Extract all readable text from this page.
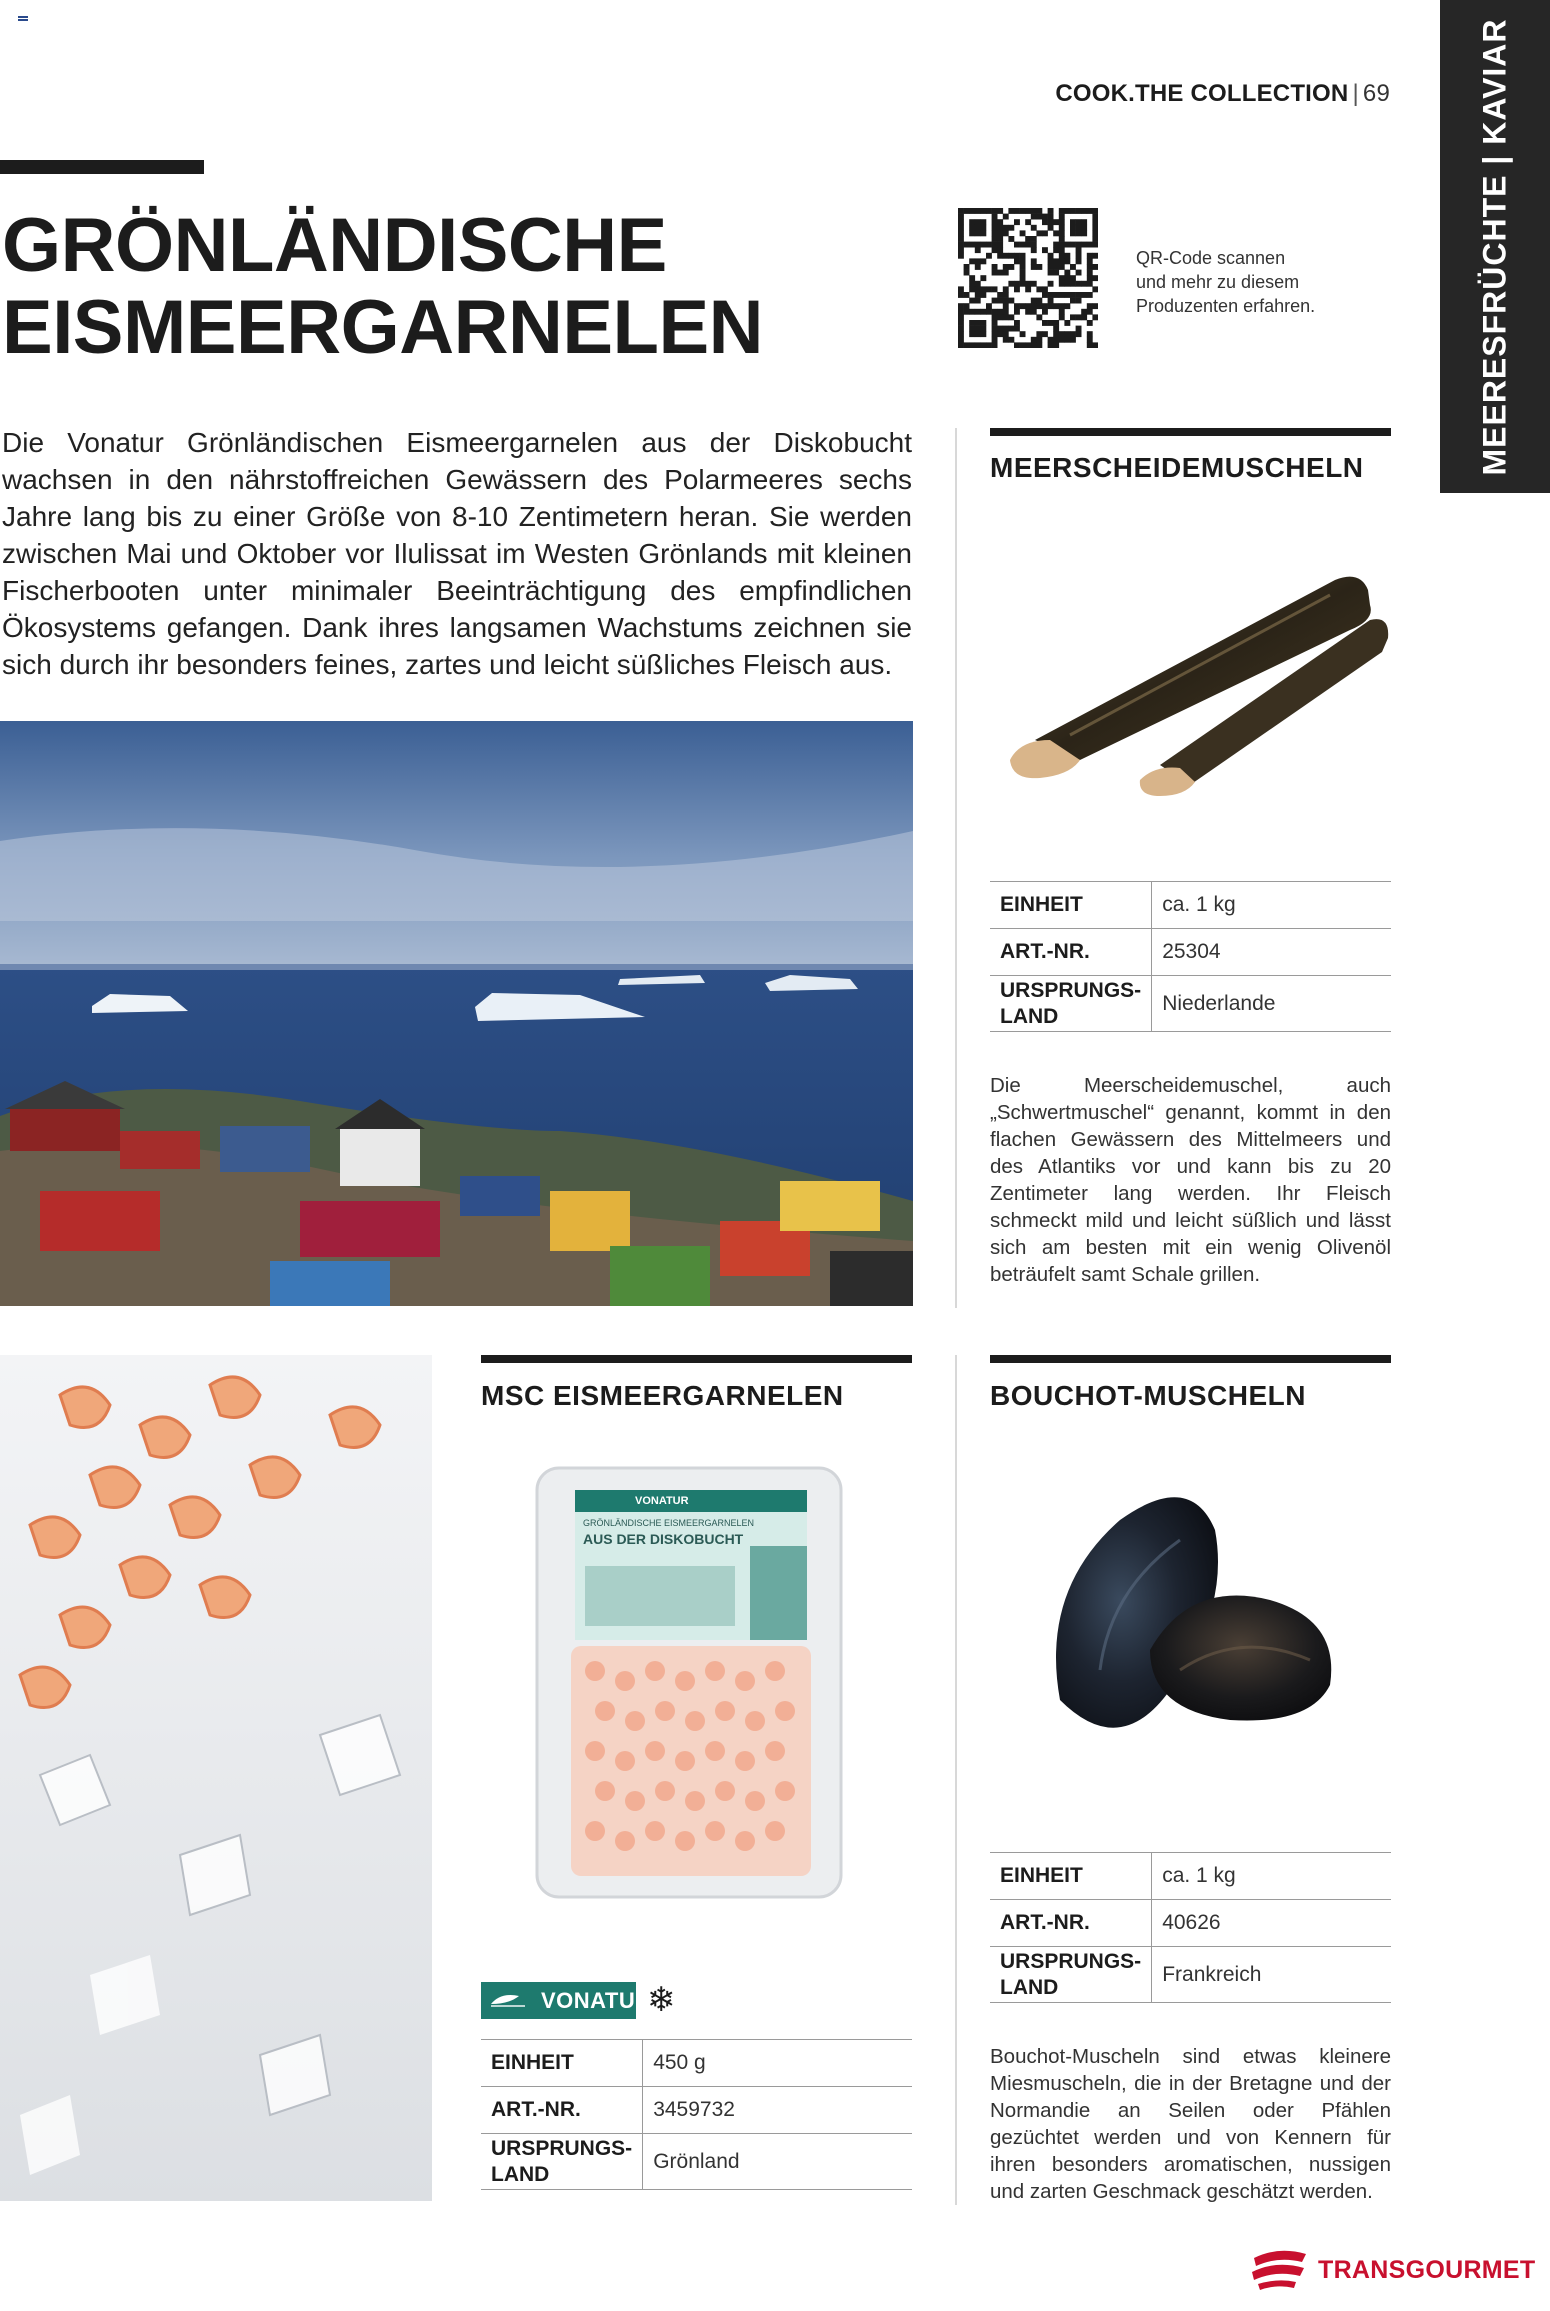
COOK.THE COLLECTION | 69	MEERESFRÜCHTE | KAVIAR
GRÖNLÄNDISCHE
EISMEERGARNELEN
QR-Code scannen
und mehr zu diesem
Produzenten erfahren.
Die Vonatur Grönländischen Eismeergarnelen aus der Diskobucht wachsen in den nährstoffreichen Gewässern des Polarmeeres sechs Jahre lang bis zu einer Größe von 8-10 Zentimetern heran. Sie werden zwischen Mai und Oktober vor Ilulissat im Westen Grönlands mit kleinen Fischerbooten unter minimaler Beeinträchtigung des empfindlichen Ökosystems gefangen. Dank ihres langsamen Wachstums zeichnen sie sich durch ihr besonders feines, zartes und leicht süßliches Fleisch aus.
MEERSCHEIDEMUSCHELN
EINHEIT	ca. 1 kg
ART.-NR.	25304

URSPRUNGS-
LAND	Niederlande
Die Meerscheidemuschel, auch „Schwertmuschel“ genannt, kommt in den flachen Gewässern des Mittelmeers und des Atlantiks vor und kann bis zu 20 Zentimeter lang werden. Ihr Fleisch schmeckt mild und leicht süßlich und lässt sich am besten mit ein wenig Olivenöl beträufelt samt Schale grillen.
MSC EISMEERGARNELEN
VONATUR
GRÖNLÄNDISCHE EISMEERGARNELEN
AUS DER DISKOBUCHT
VONATUR
❄
EINHEIT	450 g
ART.-NR.	3459732

URSPRUNGS-
LAND	Grönland
BOUCHOT-MUSCHELN
EINHEIT	ca. 1 kg
ART.-NR.	40626

URSPRUNGS-
LAND	Frankreich
Bouchot-Muscheln sind etwas kleinere Miesmuscheln, die in der Bretagne und der Normandie an Seilen oder Pfählen gezüchtet werden und von Kennern für ihren besonders aromatischen, nussigen und zarten Geschmack geschätzt werden.
TRANSGOURMET
